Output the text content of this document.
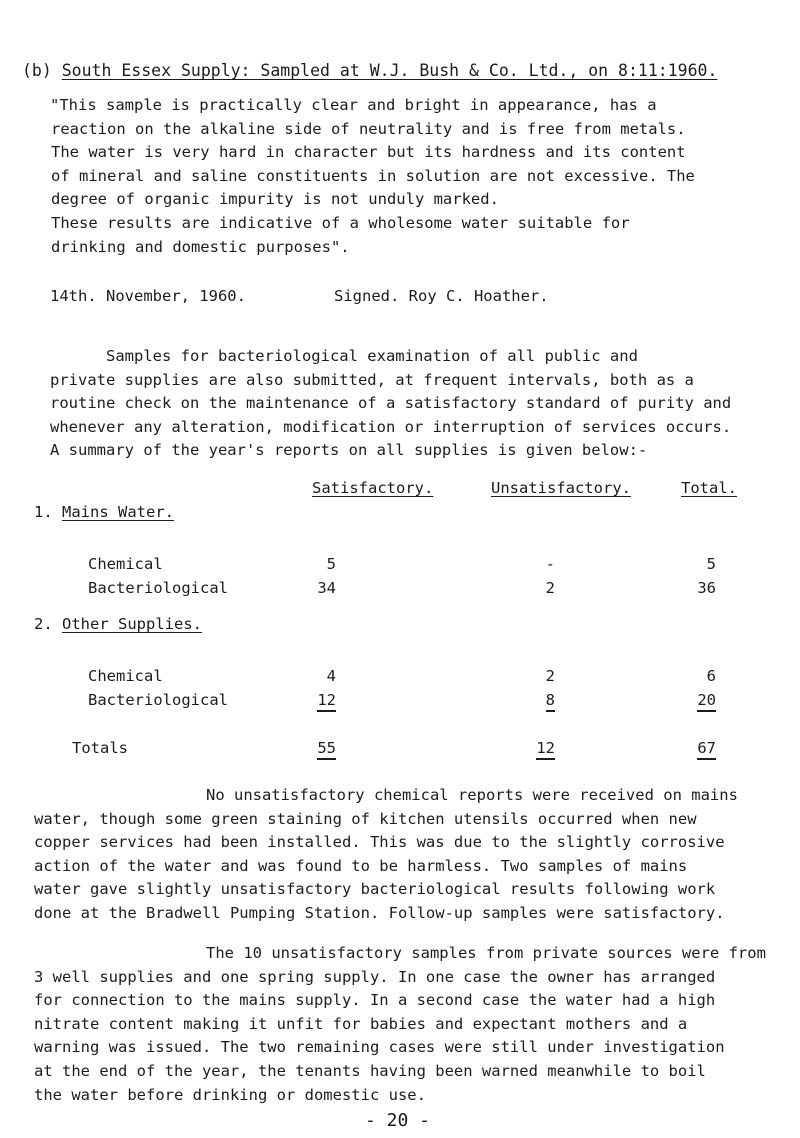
(b) South Essex Supply: Sampled at W.J. Bush & Co. Ltd., on 8:11:1960.
"This sample is practically clear and bright in appearance, has a
reaction on the alkaline side of neutrality and is free from metals.
The water is very hard in character but its hardness and its content
of mineral and saline constituents in solution are not excessive. The
degree of organic impurity is not unduly marked.
These results are indicative of a wholesome water suitable for
drinking and domestic purposes".
14th. November, 1960.	Signed. Roy C. Hoather.
Samples for bacteriological examination of all public and
private supplies are also submitted, at frequent intervals, both as a
routine check on the maintenance of a satisfactory standard of purity and
whenever any alteration, modification or interruption of services occurs.
A summary of the year's reports on all supplies is given below:-
Satisfactory.	Unsatisfactory.	Total.
1. Mains Water.
Chemical	5	-	5
Bacteriological	34	2	36
2. Other Supplies.
Chemical	4	2	6
Bacteriological	12	8	20
Totals	55	12	67
No unsatisfactory chemical reports were received on mains
water, though some green staining of kitchen utensils occurred when new
copper services had been installed. This was due to the slightly corrosive
action of the water and was found to be harmless. Two samples of mains
water gave slightly unsatisfactory bacteriological results following work
done at the Bradwell Pumping Station. Follow-up samples were satisfactory.
The 10 unsatisfactory samples from private sources were from
3 well supplies and one spring supply. In one case the owner has arranged
for connection to the mains supply. In a second case the water had a high
nitrate content making it unfit for babies and expectant mothers and a
warning was issued. The two remaining cases were still under investigation
at the end of the year, the tenants having been warned meanwhile to boil
the water before drinking or domestic use.
- 20 -
